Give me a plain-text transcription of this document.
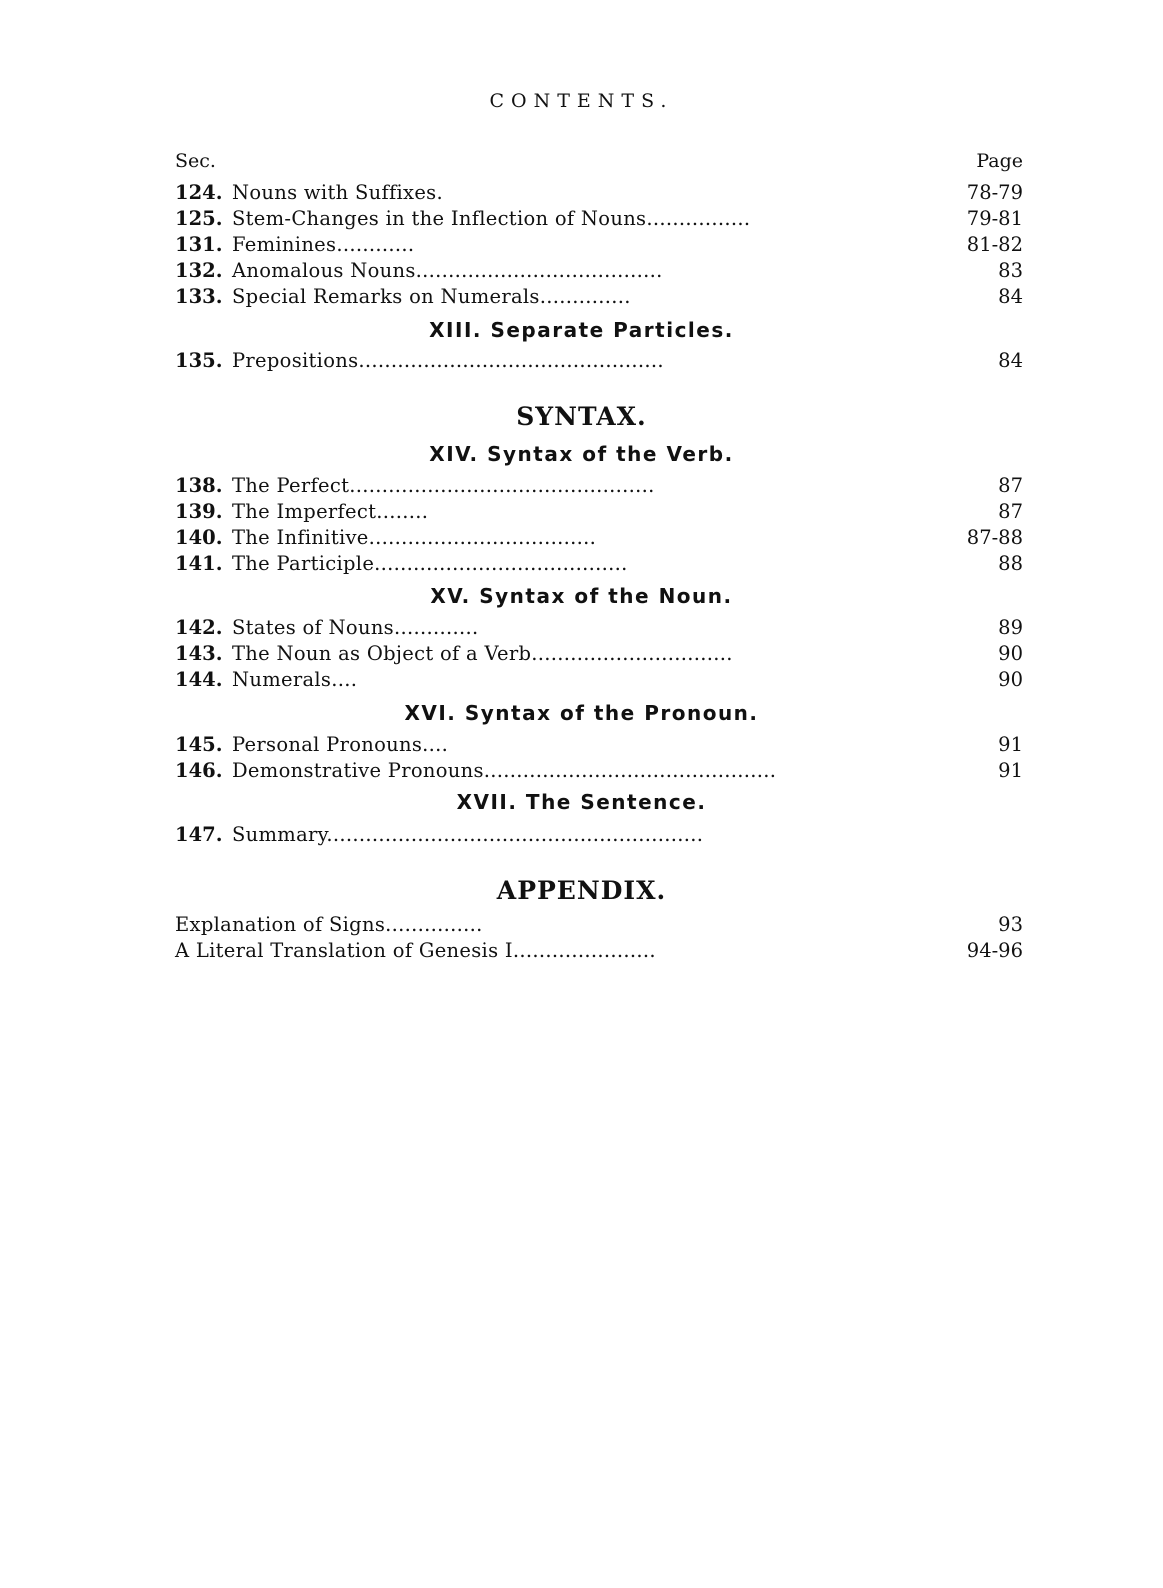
CONTENTS.
Sec.	Page
124. Nouns with Suffixes.	78-79
125. Stem-Changes in the Inflection of Nouns................	79-81
131. Feminines............	81-82
132. Anomalous Nouns......................................	83
133. Special Remarks on Numerals..............	84
XIII. Separate Particles.
135. Prepositions...............................................	84
SYNTAX.
XIV. Syntax of the Verb.
138. The Perfect...............................................	87
139. The Imperfect........	87
140. The Infinitive...................................	87-88
141. The Participle.......................................	88
XV. Syntax of the Noun.
142. States of Nouns.............	89
143. The Noun as Object of a Verb...............................	90
144. Numerals....	90
XVI. Syntax of the Pronoun.
145. Personal Pronouns....	91
146. Demonstrative Pronouns.............................................	91
XVII. The Sentence.
147. Summary..........................................................
APPENDIX.
Explanation of Signs...............	93
A Literal Translation of Genesis I......................	94-96
